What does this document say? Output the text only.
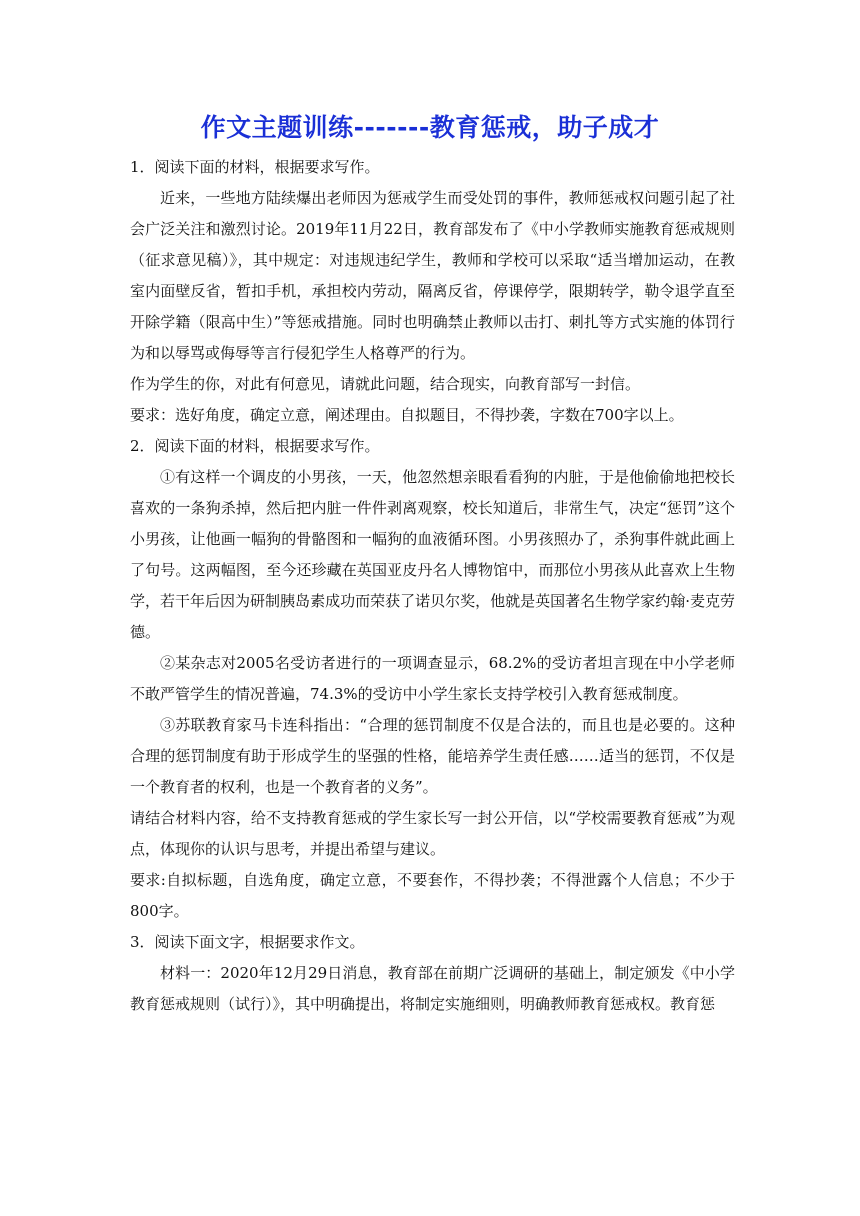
作文主题训练-------教育惩戒，助子成才

1．阅读下面的材料，根据要求写作。

近来，一些地方陆续爆出老师因为惩戒学生而受处罚的事件，教师惩戒权问题引起了社会广泛关注和激烈讨论。2019年11月22日，教育部发布了《中小学教师实施教育惩戒规则（征求意见稿）》，其中规定：对违规违纪学生，教师和学校可以采取“适当增加运动，在教室内面壁反省，暂扣手机，承担校内劳动，隔离反省，停课停学，限期转学，勒令退学直至开除学籍（限高中生）”等惩戒措施。同时也明确禁止教师以击打、刺扎等方式实施的体罚行为和以辱骂或侮辱等言行侵犯学生人格尊严的行为。

作为学生的你，对此有何意见，请就此问题，结合现实，向教育部写一封信。

要求：选好角度，确定立意，阐述理由。自拟题目，不得抄袭，字数在700字以上。

2．阅读下面的材料，根据要求写作。

①有这样一个调皮的小男孩，一天，他忽然想亲眼看看狗的内脏，于是他偷偷地把校长喜欢的一条狗杀掉，然后把内脏一件件剥离观察，校长知道后，非常生气，决定“惩罚”这个小男孩，让他画一幅狗的骨骼图和一幅狗的血液循环图。小男孩照办了，杀狗事件就此画上了句号。这两幅图，至今还珍藏在英国亚皮丹名人博物馆中，而那位小男孩从此喜欢上生物学，若干年后因为研制胰岛素成功而荣获了诺贝尔奖，他就是英国著名生物学家约翰·麦克劳德。

②某杂志对2005名受访者进行的一项调查显示，68.2%的受访者坦言现在中小学老师不敢严管学生的情况普遍，74.3%的受访中小学生家长支持学校引入教育惩戒制度。

③苏联教育家马卡连科指出：“合理的惩罚制度不仅是合法的，而且也是必要的。这种合理的惩罚制度有助于形成学生的坚强的性格，能培养学生责任感……适当的惩罚，不仅是一个教育者的权利，也是一个教育者的义务”。

请结合材料内容，给不支持教育惩戒的学生家长写一封公开信，以“学校需要教育惩戒”为观点，体现你的认识与思考，并提出希望与建议。

要求:自拟标题，自选角度，确定立意，不要套作，不得抄袭；不得泄露个人信息；不少于800字。

3．阅读下面文字，根据要求作文。

材料一：2020年12月29日消息，教育部在前期广泛调研的基础上，制定颁发《中小学教育惩戒规则（试行）》，其中明确提出，将制定实施细则，明确教师教育惩戒权。教育惩
